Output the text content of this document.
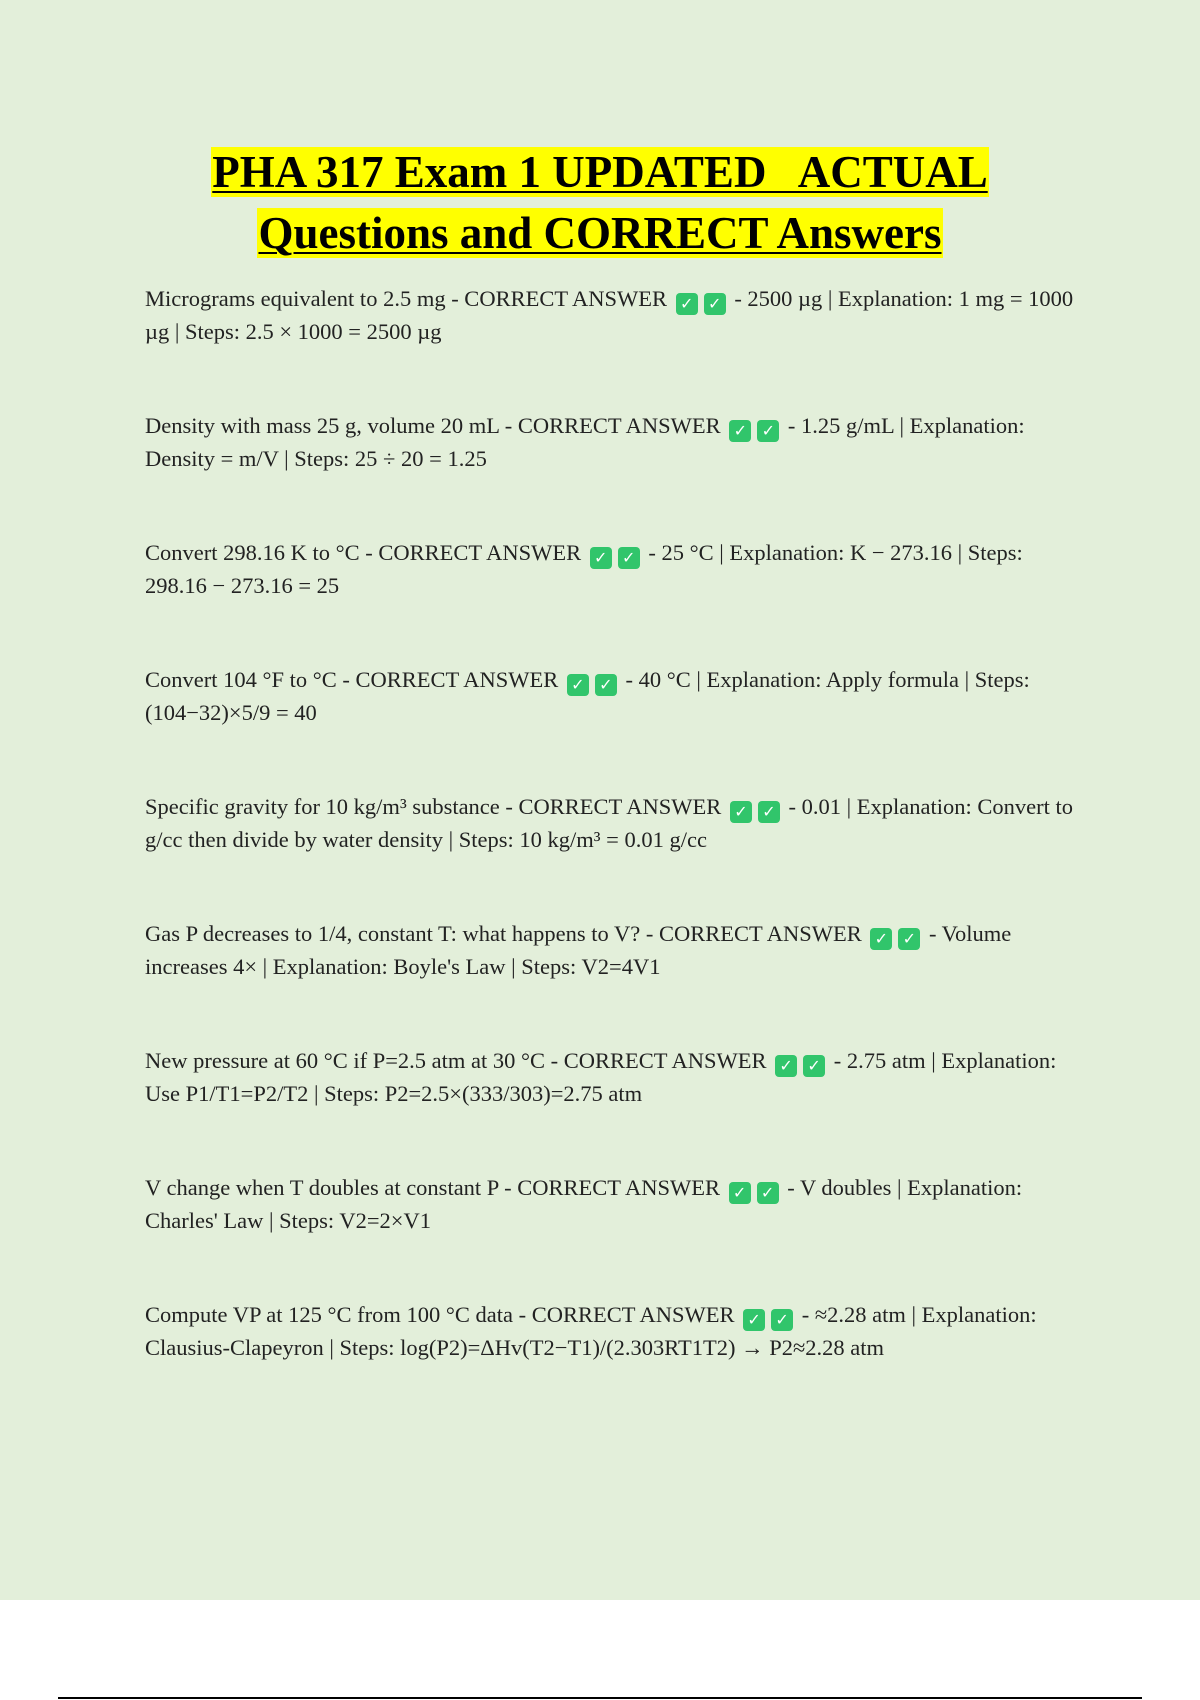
PHA 317 Exam 1 UPDATED   ACTUAL
Questions and CORRECT Answers
Micrograms equivalent to 2.5 mg - CORRECT ANSWER ✓ ✓ - 2500 µg | Explanation: 1 mg = 1000 µg | Steps: 2.5 × 1000 = 2500 µg
Density with mass 25 g, volume 20 mL - CORRECT ANSWER ✓ ✓ - 1.25 g/mL | Explanation: Density = m/V | Steps: 25 ÷ 20 = 1.25
Convert 298.16 K to °C - CORRECT ANSWER ✓ ✓ - 25 °C | Explanation: K − 273.16 | Steps: 298.16 − 273.16 = 25
Convert 104 °F to °C - CORRECT ANSWER ✓ ✓ - 40 °C | Explanation: Apply formula | Steps: (104−32)×5/9 = 40
Specific gravity for 10 kg/m³ substance - CORRECT ANSWER ✓ ✓ - 0.01 | Explanation: Convert to g/cc then divide by water density | Steps: 10 kg/m³ = 0.01 g/cc
Gas P decreases to 1/4, constant T: what happens to V? - CORRECT ANSWER ✓ ✓ - Volume increases 4× | Explanation: Boyle's Law | Steps: V2=4V1
New pressure at 60 °C if P=2.5 atm at 30 °C - CORRECT ANSWER ✓ ✓ - 2.75 atm | Explanation: Use P1/T1=P2/T2 | Steps: P2=2.5×(333/303)=2.75 atm
V change when T doubles at constant P - CORRECT ANSWER ✓ ✓ - V doubles | Explanation: Charles' Law | Steps: V2=2×V1
Compute VP at 125 °C from 100 °C data - CORRECT ANSWER ✓ ✓ - ≈2.28 atm | Explanation: Clausius-Clapeyron | Steps: log(P2)=ΔHv(T2−T1)/(2.303RT1T2) → P2≈2.28 atm
